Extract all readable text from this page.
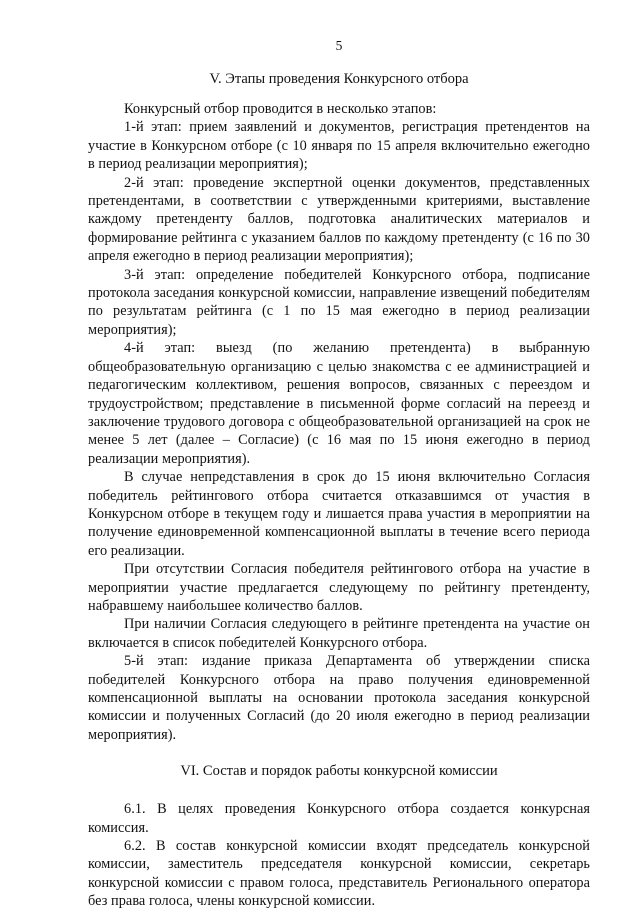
5
V. Этапы проведения Конкурсного отбора

Конкурсный отбор проводится в несколько этапов:

1-й этап: прием заявлений и документов, регистрация претендентов на участие в Конкурсном отборе (с 10 января по 15 апреля включительно ежегодно в период реализации мероприятия);

2-й этап: проведение экспертной оценки документов, представленных претендентами, в соответствии с утвержденными критериями, выставление каждому претенденту баллов, подготовка аналитических материалов и формирование рейтинга с указанием баллов по каждому претенденту (с 16 по 30 апреля ежегодно в период реализации мероприятия);

3-й этап: определение победителей Конкурсного отбора, подписание протокола заседания конкурсной комиссии, направление извещений победителям по результатам рейтинга (с 1 по 15 мая ежегодно в период реализации мероприятия);

4-й этап: выезд (по желанию претендента) в выбранную общеобразовательную организацию с целью знакомства с ее администрацией и педагогическим коллективом, решения вопросов, связанных с переездом и трудоустройством; представление в письменной форме согласий на переезд и заключение трудового договора с общеобразовательной организацией на срок не менее 5 лет (далее – Согласие) (с 16 мая по 15 июня ежегодно в период реализации мероприятия).

В случае непредставления в срок до 15 июня включительно Согласия победитель рейтингового отбора считается отказавшимся от участия в Конкурсном отборе в текущем году и лишается права участия в мероприятии на получение единовременной компенсационной выплаты в течение всего периода его реализации.

При отсутствии Согласия победителя рейтингового отбора на участие в мероприятии участие предлагается следующему по рейтингу претенденту, набравшему наибольшее количество баллов.

При наличии Согласия следующего в рейтинге претендента на участие он включается в список победителей Конкурсного отбора.

5-й этап: издание приказа Департамента об утверждении списка победителей Конкурсного отбора на право получения единовременной компенсационной выплаты на основании протокола заседания конкурсной комиссии и полученных Согласий (до 20 июля ежегодно в период реализации мероприятия).

VI. Состав и порядок работы конкурсной комиссии

6.1. В целях проведения Конкурсного отбора создается конкурсная комиссия.

6.2. В состав конкурсной комиссии входят председатель конкурсной комиссии, заместитель председателя конкурсной комиссии, секретарь конкурсной комиссии с правом голоса, представитель Регионального оператора без права голоса, члены конкурсной комиссии.
